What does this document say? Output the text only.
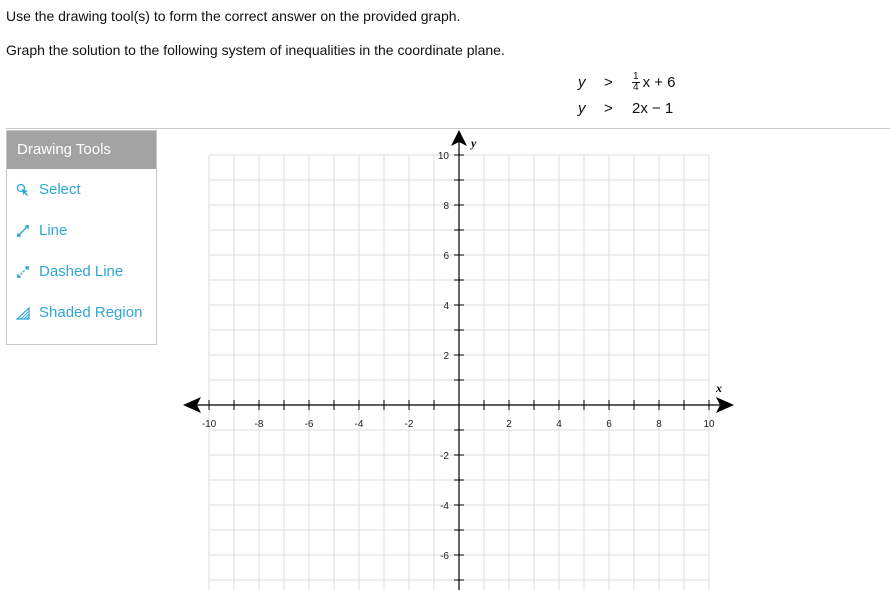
Use the drawing tool(s) to form the correct answer on the provided graph.
Graph the solution to the following system of inequalities in the coordinate plane.
y	>	$\frac{1}{4}$ x + 6
y	>	2x − 1
Drawing Tools
Select
Line
Dashed Line
Shaded Region
-10	-8	-6	-4	-2	2	4	6	8	10
10
8
6
4
2
-2
-4
-6
x
y
